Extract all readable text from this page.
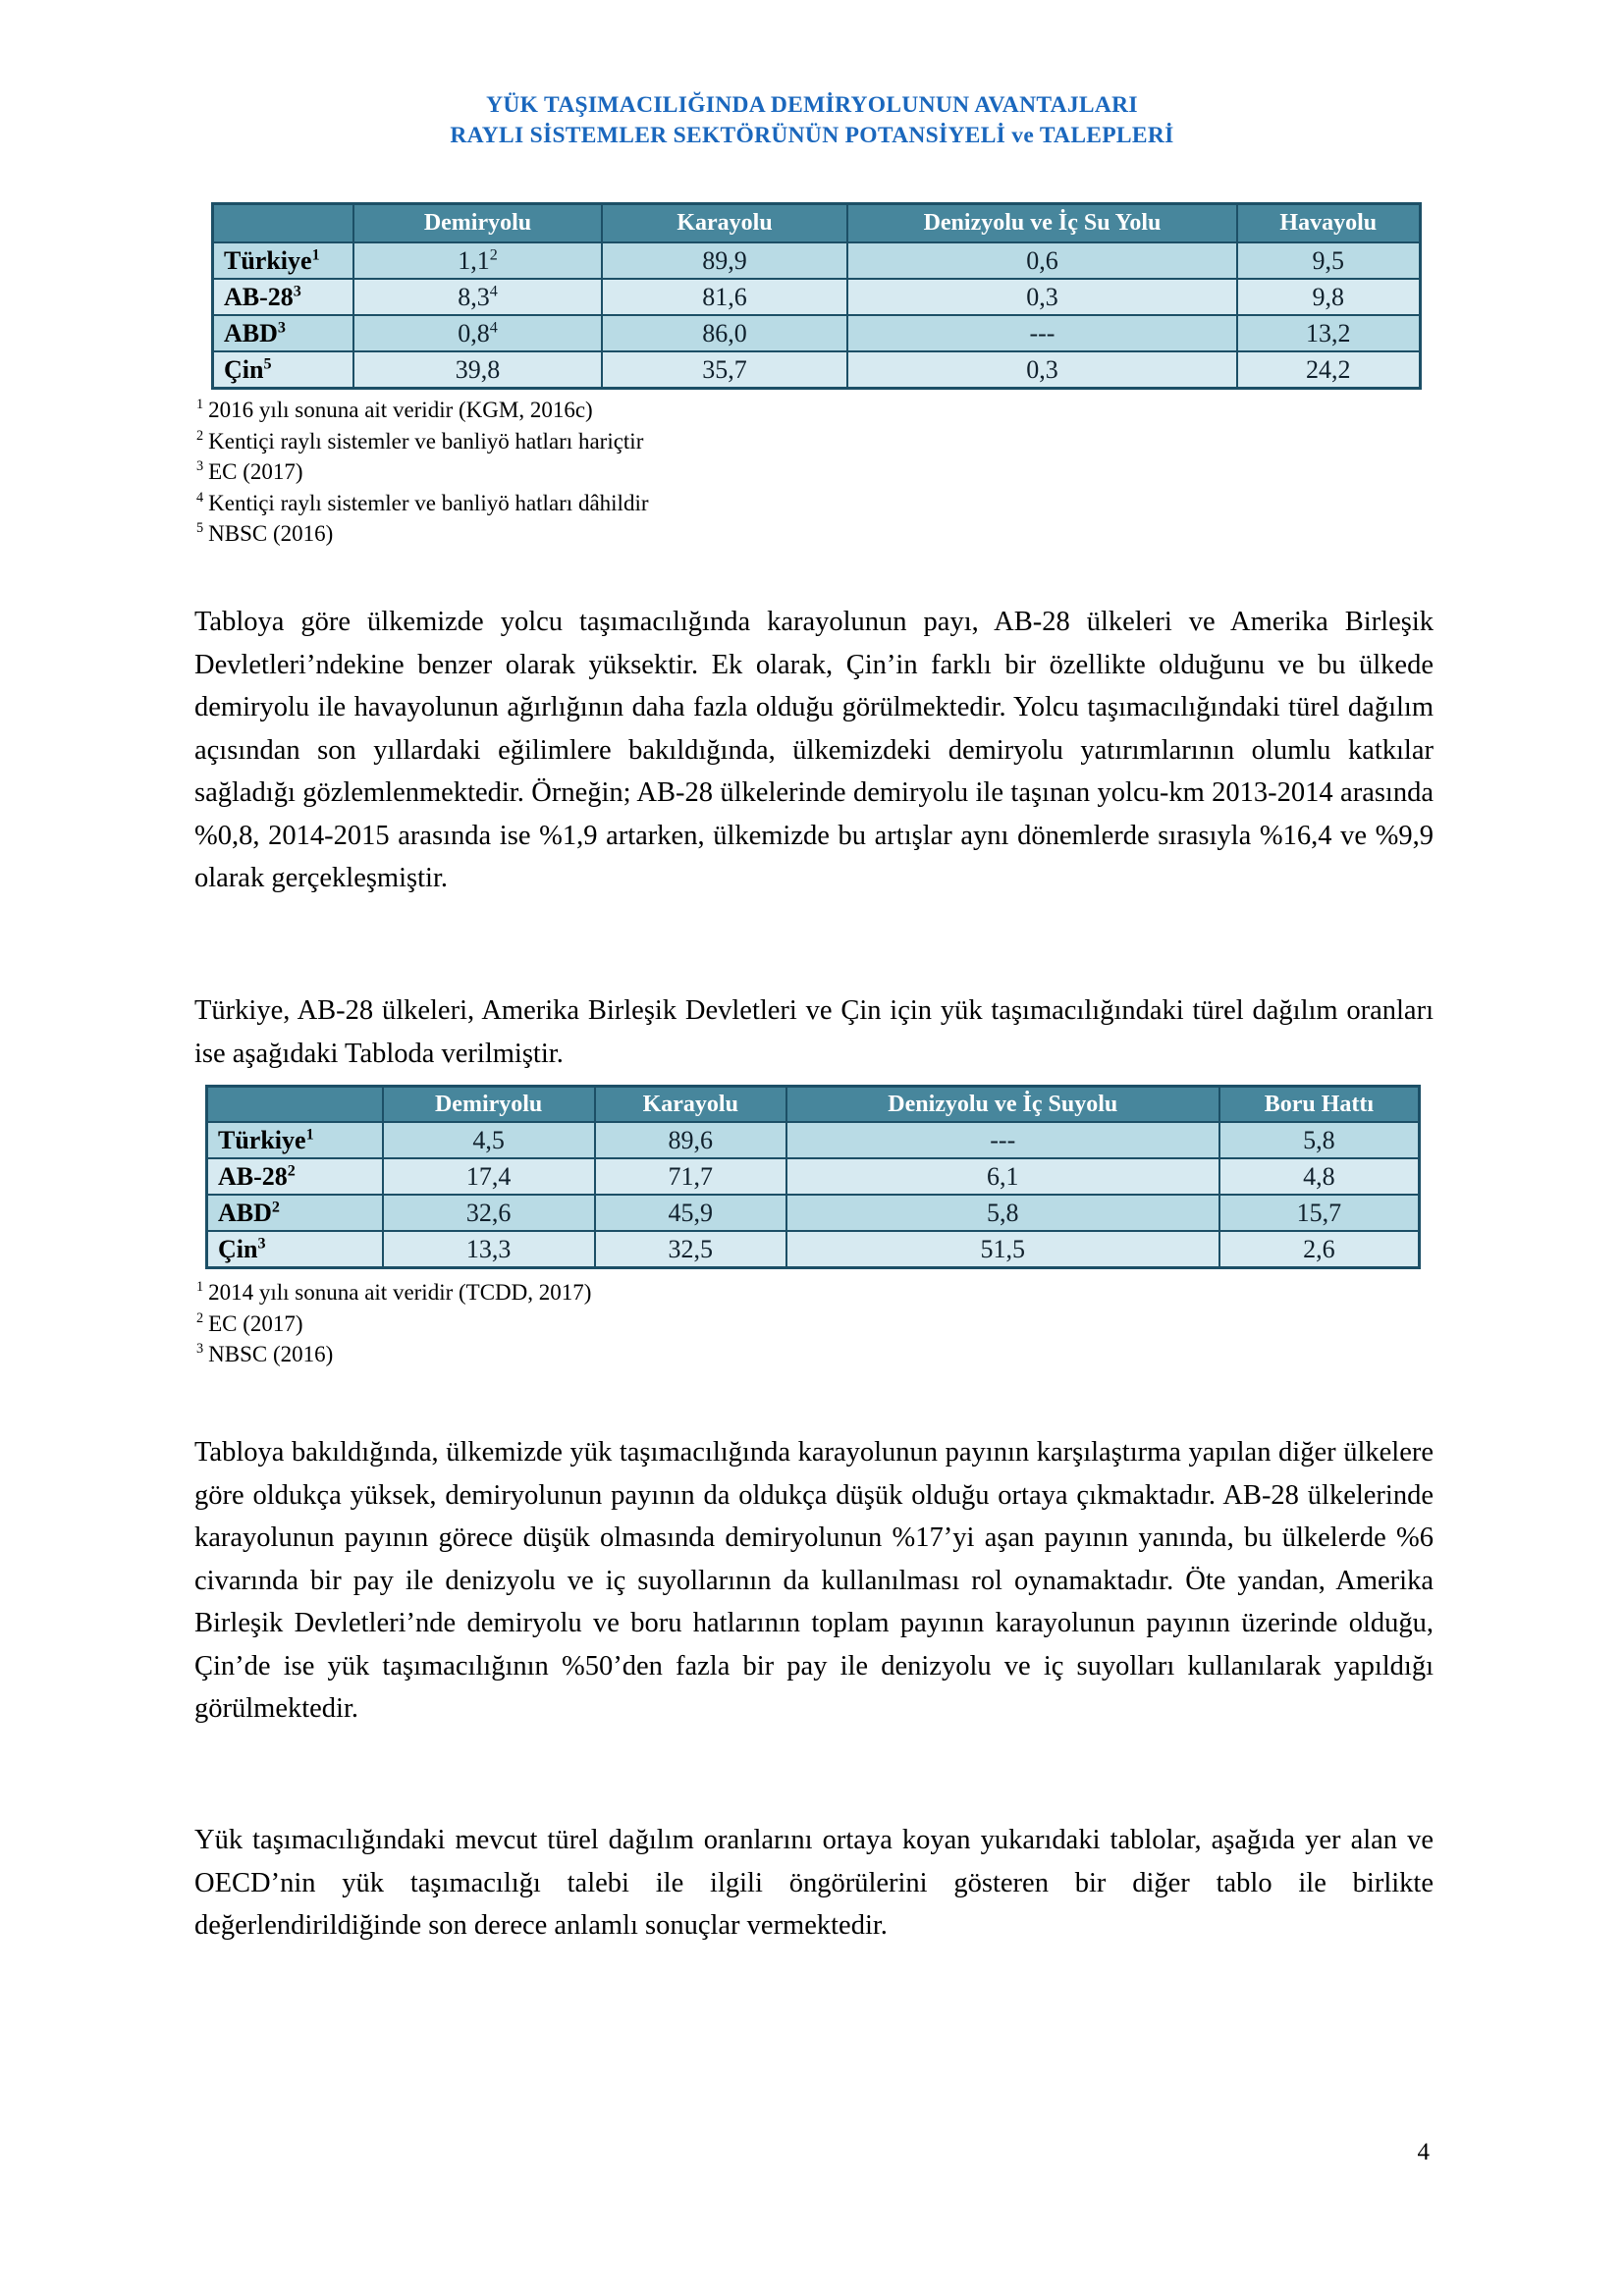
YÜK TAŞIMACILIĞINDA DEMİRYOLUNUN AVANTAJLARI
RAYLI SİSTEMLER SEKTÖRÜNÜN POTANSİYELİ ve TALEPLERİ
	Demiryolu	Karayolu	Denizyolu ve İç Su Yolu	Havayolu
Türkiye$^1$	$1,1^2$	89,9	0,6	9,5
$AB-28^3$	$8,3^4$	81,6	0,3	9,8
ABD$^3$	$0,8^4$	86,0	---	13,2
Çin$^5$	39,8	35,7	0,3	24,2
$^1$ 2016 yılı sonuna ait veridir (KGM, 2016c)
$^2$ Kentiçi raylı sistemler ve banliyö hatları hariçtir
$^3$ EC (2017)
$^4$ Kentiçi raylı sistemler ve banliyö hatları dâhildir
$^5$ NBSC (2016)

Tabloya göre ülkemizde yolcu taşımacılığında karayolunun payı, AB-28 ülkeleri ve Amerika Birleşik Devletleri’ndekine benzer olarak yüksektir. Ek olarak, Çin’in farklı bir özellikte olduğunu ve bu ülkede demiryolu ile havayolunun ağırlığının daha fazla olduğu görülmektedir. Yolcu taşımacılığındaki türel dağılım açısından son yıllardaki eğilimlere bakıldığında, ülkemizdeki demiryolu yatırımlarının olumlu katkılar sağladığı gözlemlenmektedir. Örneğin; AB-28 ülkelerinde demiryolu ile taşınan yolcu-km 2013-2014 arasında %0,8, 2014-2015 arasında ise %1,9 artarken, ülkemizde bu artışlar aynı dönemlerde sırasıyla %16,4 ve %9,9 olarak gerçekleşmiştir.

Türkiye, AB-28 ülkeleri, Amerika Birleşik Devletleri ve Çin için yük taşımacılığındaki türel dağılım oranları ise aşağıdaki Tabloda verilmiştir.

	Demiryolu	Karayolu	Denizyolu ve İç Suyolu	Boru Hattı
Türkiye$^1$	4,5	89,6	---	5,8
$AB-28^2$	17,4	71,7	6,1	4,8
ABD$^2$	32,6	45,9	5,8	15,7
Çin$^3$	13,3	32,5	51,5	2,6
$^1$ 2014 yılı sonuna ait veridir (TCDD, 2017)
$^2$ EC (2017)
$^3$ NBSC (2016)

Tabloya bakıldığında, ülkemizde yük taşımacılığında karayolunun payının karşılaştırma yapılan diğer ülkelere göre oldukça yüksek, demiryolunun payının da oldukça düşük olduğu ortaya çıkmaktadır. AB-28 ülkelerinde karayolunun payının görece düşük olmasında demiryolunun %17’yi aşan payının yanında, bu ülkelerde %6 civarında bir pay ile denizyolu ve iç suyollarının da kullanılması rol oynamaktadır. Öte yandan, Amerika Birleşik Devletleri’nde demiryolu ve boru hatlarının toplam payının karayolunun payının üzerinde olduğu, Çin’de ise yük taşımacılığının %50’den fazla bir pay ile denizyolu ve iç suyolları kullanılarak yapıldığı görülmektedir.

Yük taşımacılığındaki mevcut türel dağılım oranlarını ortaya koyan yukarıdaki tablolar, aşağıda yer alan ve OECD’nin yük taşımacılığı talebi ile ilgili öngörülerini gösteren bir diğer tablo ile birlikte değerlendirildiğinde son derece anlamlı sonuçlar vermektedir.

4
